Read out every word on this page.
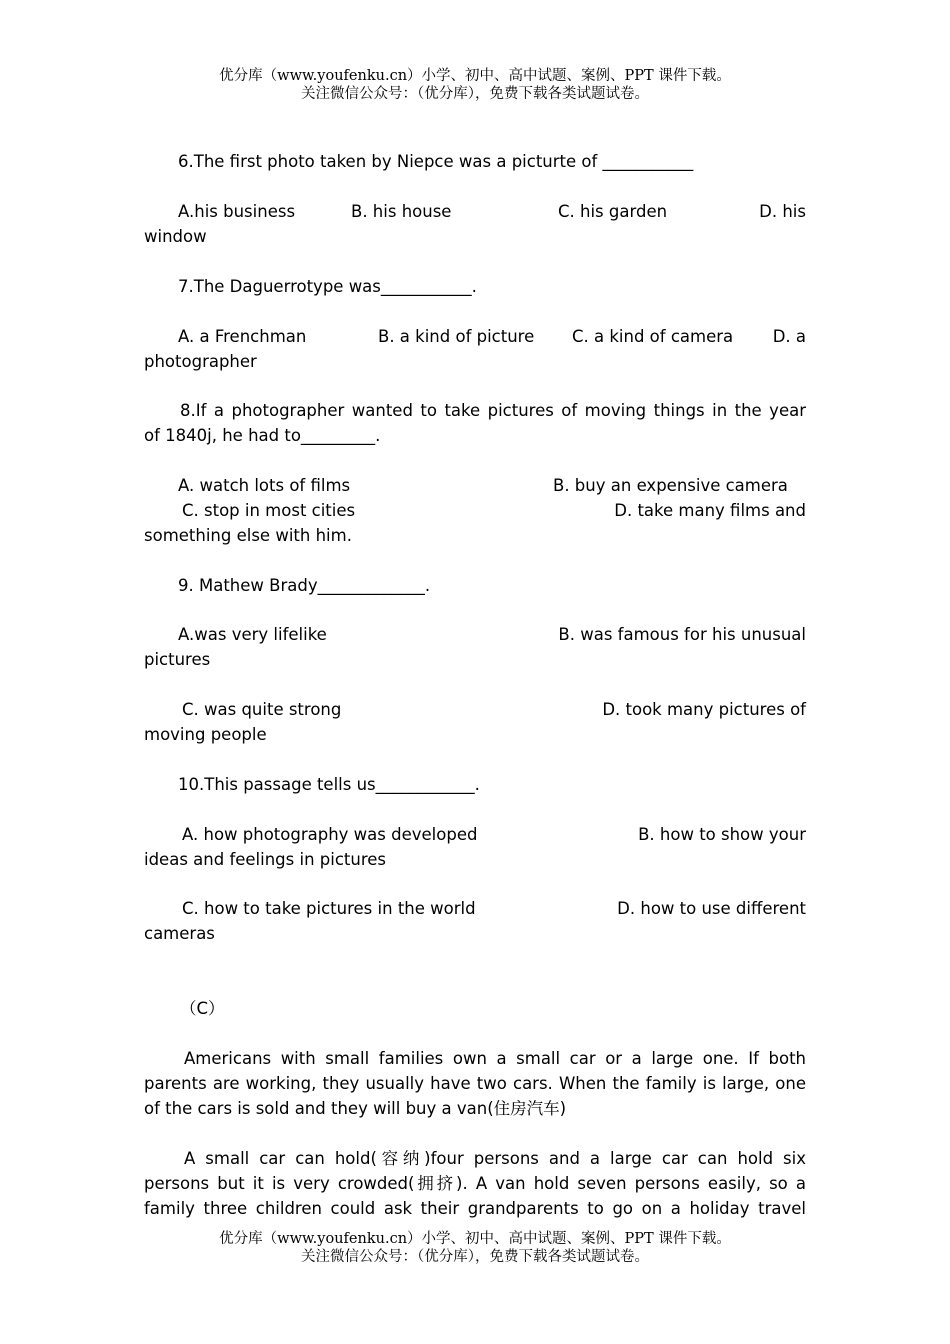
优分库（www.youfenku.cn）小学、初中、高中试题、案例、PPT 课件下载。
关注微信公众号：（优分库），免费下载各类试题试卷。
6.The first photo taken by Niepce was a picturte of ___________
A.his business	B. his house	C. his garden	D. his
window
7.The Daguerrotype was___________.
A. a Frenchman	B. a kind of picture C. a kind of camera D. a
photographer
8.If a photographer wanted to take pictures of moving things in the year
of 1840j, he had to_________.
A. watch lots of films	B. buy an expensive camera
C. stop in most cities	D. take many films and
something else with him.
9. Mathew Brady_____________.
A.was very lifelike	B. was famous for his unusual
pictures
C. was quite strong	D. took many pictures of
moving people
10.This passage tells us____________.
A. how photography was developed	B. how to show your
ideas and feelings in pictures
C. how to take pictures in the world	D. how to use different
cameras
（C）
Americans with small families own a small car or a large one. If both
parents are working, they usually have two cars. When the family is large, one
of the cars is sold and they will buy a van(住房汽车)
A small car can hold(容纳)four persons and a large car can hold six
persons but it is very crowded(拥挤). A van hold seven persons easily, so a
family three children could ask their grandparents to go on a holiday travel
优分库（www.youfenku.cn）小学、初中、高中试题、案例、PPT 课件下载。
关注微信公众号：（优分库），免费下载各类试题试卷。
